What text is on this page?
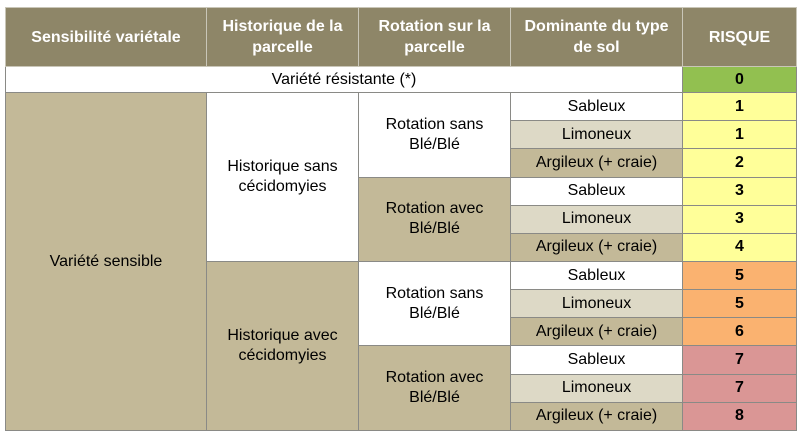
Sensibilité variétale	Historique de la parcelle	Rotation sur la parcelle	Dominante du type de sol	RISQUE
Variété résistante (*)				0
Variété sensible	Historique sans cécidomyies	Rotation sans Blé/Blé	Sableux	1
			Limoneux	1
			Argileux (+ craie)	2
		Rotation avec Blé/Blé	Sableux	3
			Limoneux	3
			Argileux (+ craie)	4
	Historique avec cécidomyies	Rotation sans Blé/Blé	Sableux	5
			Limoneux	5
			Argileux (+ craie)	6
		Rotation avec Blé/Blé	Sableux	7
			Limoneux	7
			Argileux (+ craie)	8
